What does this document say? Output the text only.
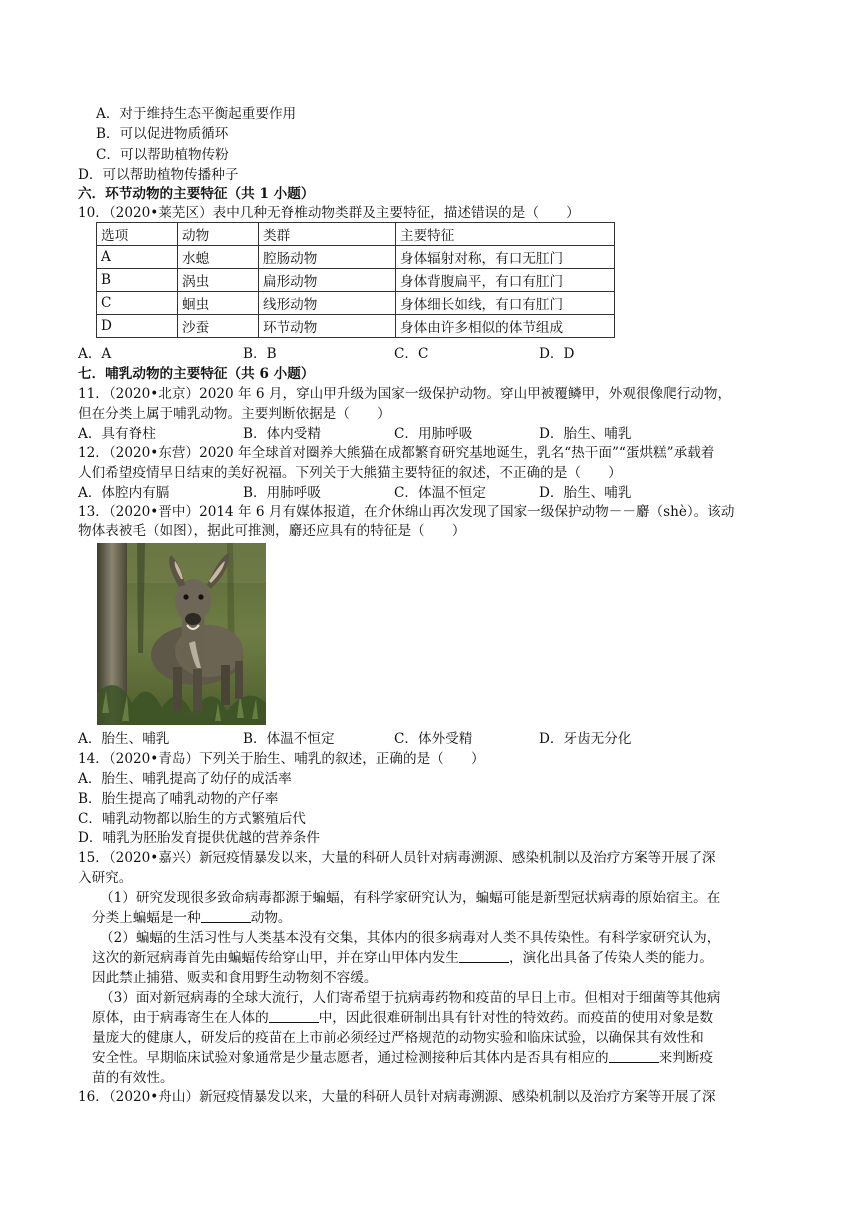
A．对于维持生态平衡起重要作用
B．可以促进物质循环
C．可以帮助植物传粉
D．可以帮助植物传播种子
六．环节动物的主要特征（共 1 小题）
10．（2020•莱芜区）表中几种无脊椎动物类群及主要特征，描述错误的是（　　）
选项	动物	类群	主要特征
A	水螅	腔肠动物	身体辐射对称，有口无肛门
B	涡虫	扁形动物	身体背腹扁平，有口有肛门
C	蛔虫	线形动物	身体细长如线，有口有肛门
D	沙蚕	环节动物	身体由许多相似的体节组成
A．A	B．B	C．C	D．D
七．哺乳动物的主要特征（共 6 小题）
11．（2020•北京）2020 年 6 月，穿山甲升级为国家一级保护动物。穿山甲被覆鳞甲，外观很像爬行动物，
但在分类上属于哺乳动物。主要判断依据是（　　）
A．具有脊柱	B．体内受精	C．用肺呼吸	D．胎生、哺乳
12．（2020•东营）2020 年全球首对圈养大熊猫在成都繁育研究基地诞生，乳名“热干面”“蛋烘糕”承载着
人们希望疫情早日结束的美好祝福。下列关于大熊猫主要特征的叙述，不正确的是（　　）
A．体腔内有膈	B．用肺呼吸	C．体温不恒定	D．胎生、哺乳
13．（2020•晋中）2014 年 6 月有媒体报道，在介休绵山再次发现了国家一级保护动物－－麝（shè）。该动
物体表被毛（如图），据此可推测，麝还应具有的特征是（　　）
A．胎生、哺乳	B．体温不恒定	C．体外受精	D．牙齿无分化
14．（2020•青岛）下列关于胎生、哺乳的叙述，正确的是（　　）
A．胎生、哺乳提高了幼仔的成活率
B．胎生提高了哺乳动物的产仔率
C．哺乳动物都以胎生的方式繁殖后代
D．哺乳为胚胎发育提供优越的营养条件
15．（2020•嘉兴）新冠疫情暴发以来，大量的科研人员针对病毒溯源、感染机制以及治疗方案等开展了深
入研究。
（1）研究发现很多致命病毒都源于蝙蝠，有科学家研究认为，蝙蝠可能是新型冠状病毒的原始宿主。在
分类上蝙蝠是一种	动物。
（2）蝙蝠的生活习性与人类基本没有交集，其体内的很多病毒对人类不具传染性。有科学家研究认为，
这次的新冠病毒首先由蝙蝠传给穿山甲，并在穿山甲体内发生	，演化出具备了传染人类的能力。
因此禁止捕猎、贩卖和食用野生动物刻不容缓。
（3）面对新冠病毒的全球大流行，人们寄希望于抗病毒药物和疫苗的早日上市。但相对于细菌等其他病
原体，由于病毒寄生在人体的	中，因此很难研制出具有针对性的特效药。而疫苗的使用对象是数
量庞大的健康人，研发后的疫苗在上市前必须经过严格规范的动物实验和临床试验，以确保其有效性和
安全性。早期临床试验对象通常是少量志愿者，通过检测接种后其体内是否具有相应的	来判断疫
苗的有效性。
16．（2020•舟山）新冠疫情暴发以来，大量的科研人员针对病毒溯源、感染机制以及治疗方案等开展了深
